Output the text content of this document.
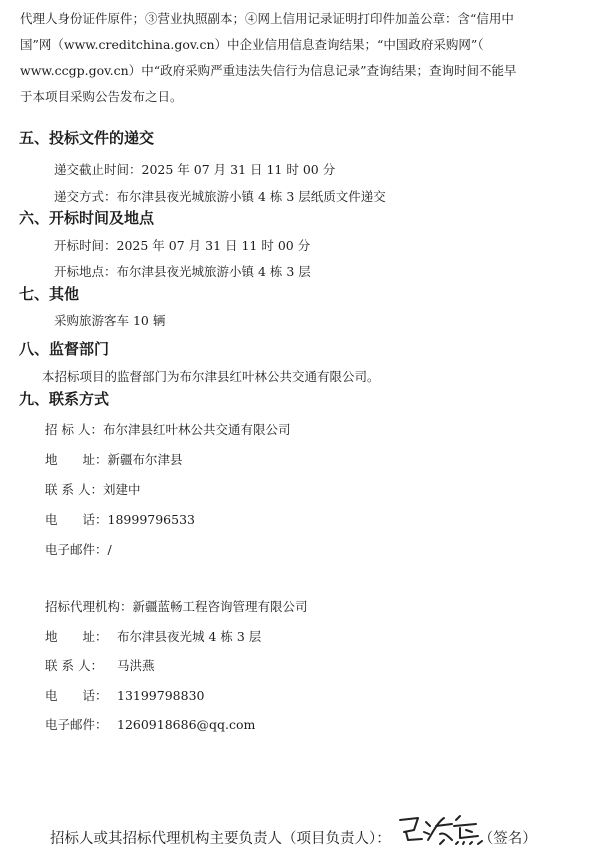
代理人身份证件原件；③营业执照副本；④网上信用记录证明打印件加盖公章：含“信用中

国”网（www.creditchina.gov.cn）中企业信用信息查询结果；“中国政府采购网”（

www.ccgp.gov.cn）中“政府采购严重违法失信行为信息记录”查询结果；查询时间不能早

于本项目采购公告发布之日。

五、投标文件的递交

递交截止时间：2025 年 07 月 31 日 11 时 00 分

递交方式：布尔津县夜光城旅游小镇 4 栋 3 层纸质文件递交

六、开标时间及地点

开标时间：2025 年 07 月 31 日 11 时 00 分

开标地点：布尔津县夜光城旅游小镇 4 栋 3 层

七、其他

采购旅游客车 10 辆

八、监督部门

本招标项目的监督部门为布尔津县红叶林公共交通有限公司。

九、联系方式

招 标 人：布尔津县红叶林公共交通有限公司

地　　址：新疆布尔津县

联 系 人：刘建中

电　　话：18999796533

电子邮件：/

招标代理机构：新疆蓝畅工程咨询管理有限公司

地　　址： 布尔津县夜光城 4 栋 3 层

联 系 人： 马洪燕

电　　话： 13199798830

电子邮件： 1260918686@qq.com

招标人或其招标代理机构主要负责人（项目负责人）：	（签名）
